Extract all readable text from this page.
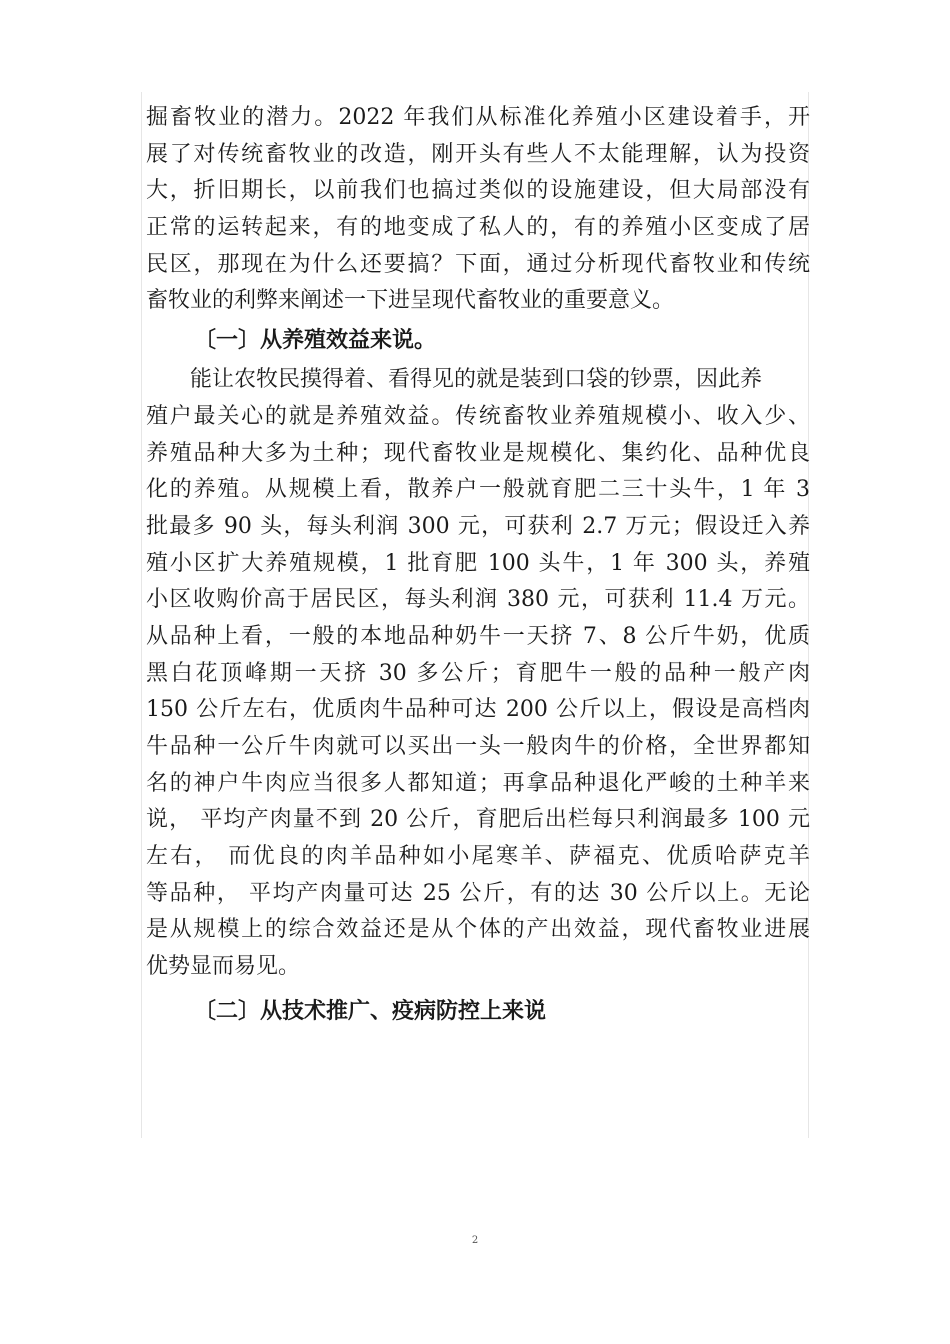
掘畜牧业的潜力。2022 年我们从标准化养殖小区建设着手，开
展了对传统畜牧业的改造，刚开头有些人不太能理解，认为投资
大，折旧期长，以前我们也搞过类似的设施建设，但大局部没有
正常的运转起来，有的地变成了私人的，有的养殖小区变成了居
民区，那现在为什么还要搞？下面，通过分析现代畜牧业和传统
畜牧业的利弊来阐述一下进呈现代畜牧业的重要意义。
〔一〕从养殖效益来说。
能让农牧民摸得着、看得见的就是装到口袋的钞票，因此养
殖户最关心的就是养殖效益。传统畜牧业养殖规模小、收入少、
养殖品种大多为土种；现代畜牧业是规模化、集约化、品种优良
化的养殖。从规模上看，散养户一般就育肥二三十头牛，1 年 3
批最多 90 头，每头利润 300 元，可获利 2.7 万元；假设迁入养
殖小区扩大养殖规模，1 批育肥 100 头牛，1 年 300 头，养殖
小区收购价高于居民区，每头利润 380 元，可获利 11.4 万元。
从品种上看，一般的本地品种奶牛一天挤 7、8 公斤牛奶，优质
黑白花顶峰期一天挤 30 多公斤；育肥牛一般的品种一般产肉
150 公斤左右，优质肉牛品种可达 200 公斤以上，假设是高档肉
牛品种一公斤牛肉就可以买出一头一般肉牛的价格，全世界都知
名的神户牛肉应当很多人都知道；再拿品种退化严峻的土种羊来
说， 平均产肉量不到 20 公斤，育肥后出栏每只利润最多 100 元
左右， 而优良的肉羊品种如小尾寒羊、萨福克、优质哈萨克羊
等品种， 平均产肉量可达 25 公斤，有的达 30 公斤以上。无论
是从规模上的综合效益还是从个体的产出效益，现代畜牧业进展
优势显而易见。
〔二〕从技术推广、疫病防控上来说
2
